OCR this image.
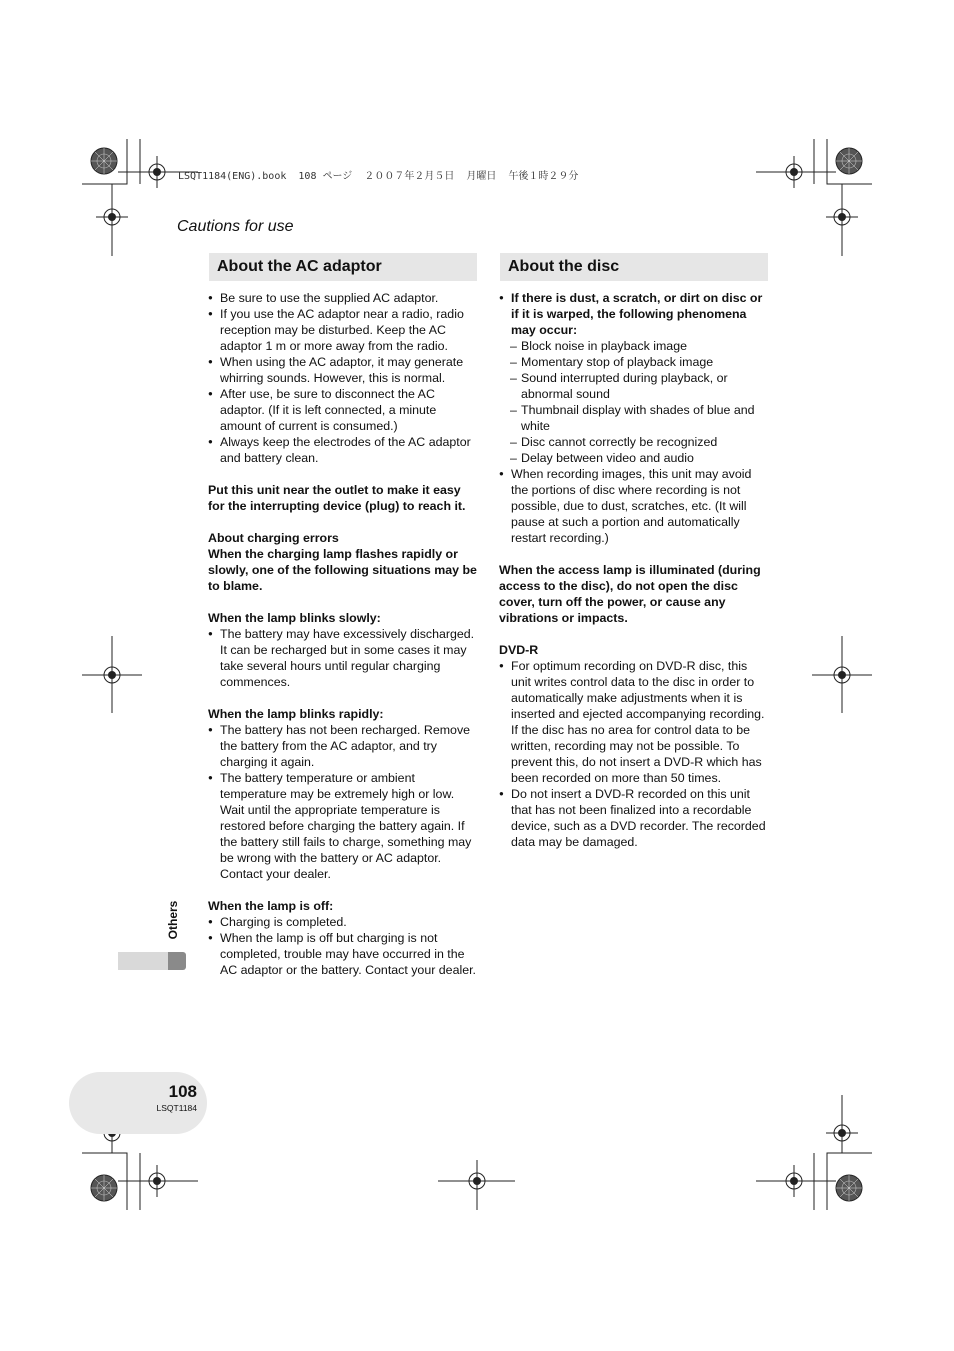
LSQT1184(ENG).book  108 ページ  ２００７年２月５日  月曜日  午後１時２９分
Cautions for use
About the AC adaptor	About the disc

● Be sure to use the supplied AC adaptor.

● If you use the AC adaptor near a radio, radio reception may be disturbed. Keep the AC adaptor 1 m or more away from the radio.

● When using the AC adaptor, it may generate whirring sounds. However, this is normal.

● After use, be sure to disconnect the AC adaptor. (If it is left connected, a minute amount of current is consumed.)

● Always keep the electrodes of the AC adaptor and battery clean.

Put this unit near the outlet to make it easy for the interrupting device (plug) to reach it.

About charging errors

When the charging lamp flashes rapidly or slowly, one of the following situations may be to blame.

When the lamp blinks slowly:

● The battery may have excessively discharged. It can be recharged but in some cases it may take several hours until regular charging commences.

When the lamp blinks rapidly:

● The battery has not been recharged. Remove the battery from the AC adaptor, and try charging it again.

● The battery temperature or ambient temperature may be extremely high or low. Wait until the appropriate temperature is restored before charging the battery again. If the battery still fails to charge, something may be wrong with the battery or AC adaptor. Contact your dealer.

When the lamp is off:

● Charging is completed.

● When the lamp is off but charging is not completed, trouble may have occurred in the AC adaptor or the battery. Contact your dealer.

● If there is dust, a scratch, or dirt on disc or if it is warped, the following phenomena may occur:

– Block noise in playback image

– Momentary stop of playback image

– Sound interrupted during playback, or abnormal sound

– Thumbnail display with shades of blue and white

– Disc cannot correctly be recognized

– Delay between video and audio

● When recording images, this unit may avoid the portions of disc where recording is not possible, due to dust, scratches, etc. (It will pause at such a portion and automatically restart recording.)

When the access lamp is illuminated (during access to the disc), do not open the disc cover, turn off the power, or cause any vibrations or impacts.

DVD-R

● For optimum recording on DVD-R disc, this unit writes control data to the disc in order to automatically make adjustments when it is inserted and ejected accompanying recording. If the disc has no area for control data to be written, recording may not be possible. To prevent this, do not insert a DVD-R which has been recorded on more than 50 times.

● Do not insert a DVD-R recorded on this unit that has not been finalized into a recordable device, such as a DVD recorder. The recorded data may be damaged.

Others
108
LSQT1184
